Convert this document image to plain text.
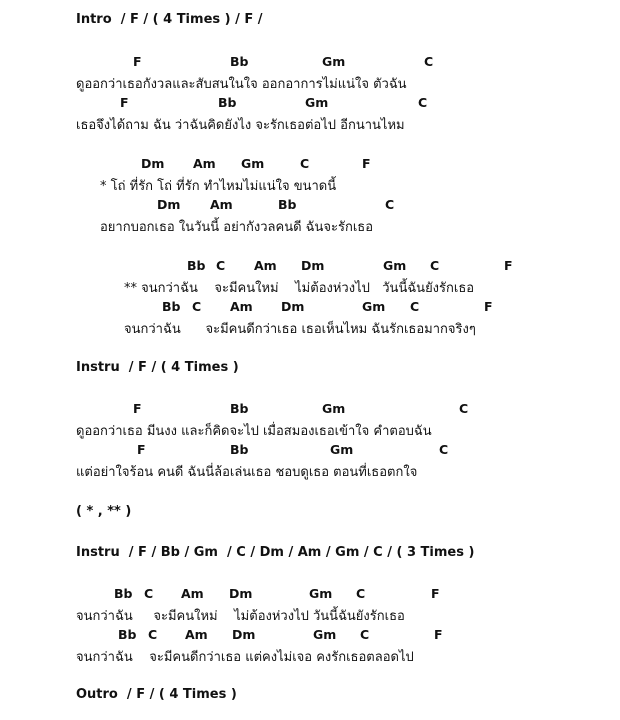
Intro  / F / ( 4 Times ) / F /
F	Bb	Gm	C
ดูออกว่าเธอกังวลและสับสนในใจ ออกอาการไม่แน่ใจ ตัวฉัน
F	Bb	Gm	C
เธอจึงได้ถาม ฉัน ว่าฉันคิดยังไง จะรักเธอต่อไป อีกนานไหม
Dm Am Gm	C	F
* โถ่ ที่รัก โถ่ ที่รัก ทำไหมไม่แน่ใจ ขนาดนี้
Dm Am	Bb	C
อยากบอกเธอ ในวันนี้ อย่ากังวลคนดี ฉันจะรักเธอ
Bb C Am Dm	Gm C	F
** จนกว่าฉัน    จะมีคนใหม่    ไม่ต้องห่วงไป   วันนี้ฉันยังรักเธอ
Bb C Am Dm	Gm C	F
จนกว่าฉัน      จะมีคนดีกว่าเธอ เธอเห็นไหม ฉันรักเธอมากจริงๆ
Instru  / F / ( 4 Times )
F	Bb	Gm	C
ดูออกว่าเธอ มีนงง และก็คิดจะไป เมื่อสมองเธอเข้าใจ คำตอบฉัน
F	Bb	Gm	C
แต่อย่าใจร้อน คนดี ฉันนี่ล้อเล่นเธอ ชอบดูเธอ ตอนที่เธอตกใจ
( * , ** )
Instru  / F / Bb / Gm  / C / Dm / Am / Gm / C / ( 3 Times )
Bb C Am Dm	Gm C	F
จนกว่าฉัน     จะมีคนใหม่    ไม่ต้องห่วงไป วันนี้ฉันยังรักเธอ
Bb C Am Dm	Gm C	F
จนกว่าฉัน    จะมีคนดีกว่าเธอ แต่คงไม่เจอ คงรักเธอตลอดไป
Outro  / F / ( 4 Times )
